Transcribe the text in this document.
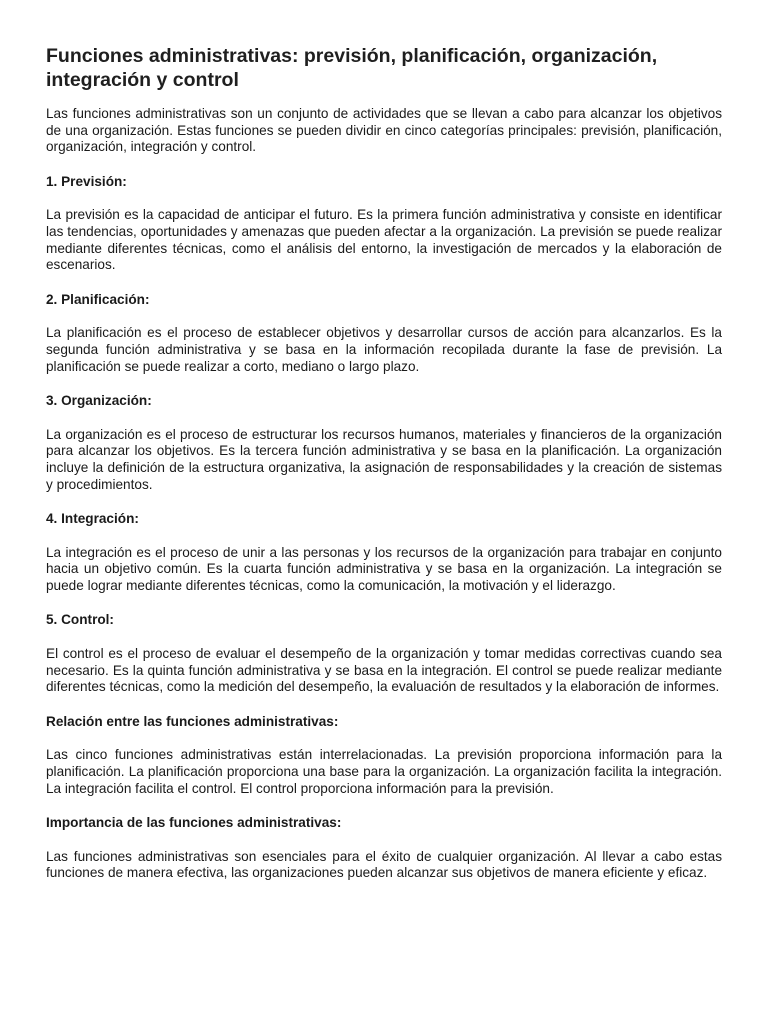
Funciones administrativas: previsión, planificación, organización, integración y control

Las funciones administrativas son un conjunto de actividades que se llevan a cabo para alcanzar los objetivos de una organización. Estas funciones se pueden dividir en cinco categorías principales: previsión, planificación, organización, integración y control.

1. Previsión:

La previsión es la capacidad de anticipar el futuro. Es la primera función administrativa y consiste en identificar las tendencias, oportunidades y amenazas que pueden afectar a la organización. La previsión se puede realizar mediante diferentes técnicas, como el análisis del entorno, la investigación de mercados y la elaboración de escenarios.

2. Planificación:

La planificación es el proceso de establecer objetivos y desarrollar cursos de acción para alcanzarlos. Es la segunda función administrativa y se basa en la información recopilada durante la fase de previsión. La planificación se puede realizar a corto, mediano o largo plazo.

3. Organización:

La organización es el proceso de estructurar los recursos humanos, materiales y financieros de la organización para alcanzar los objetivos. Es la tercera función administrativa y se basa en la planificación. La organización incluye la definición de la estructura organizativa, la asignación de responsabilidades y la creación de sistemas y procedimientos.

4. Integración:

La integración es el proceso de unir a las personas y los recursos de la organización para trabajar en conjunto hacia un objetivo común. Es la cuarta función administrativa y se basa en la organización. La integración se puede lograr mediante diferentes técnicas, como la comunicación, la motivación y el liderazgo.

5. Control:

El control es el proceso de evaluar el desempeño de la organización y tomar medidas correctivas cuando sea necesario. Es la quinta función administrativa y se basa en la integración. El control se puede realizar mediante diferentes técnicas, como la medición del desempeño, la evaluación de resultados y la elaboración de informes.

Relación entre las funciones administrativas:

Las cinco funciones administrativas están interrelacionadas. La previsión proporciona información para la planificación. La planificación proporciona una base para la organización. La organización facilita la integración. La integración facilita el control. El control proporciona información para la previsión.

Importancia de las funciones administrativas:

Las funciones administrativas son esenciales para el éxito de cualquier organización. Al llevar a cabo estas funciones de manera efectiva, las organizaciones pueden alcanzar sus objetivos de manera eficiente y eficaz.
